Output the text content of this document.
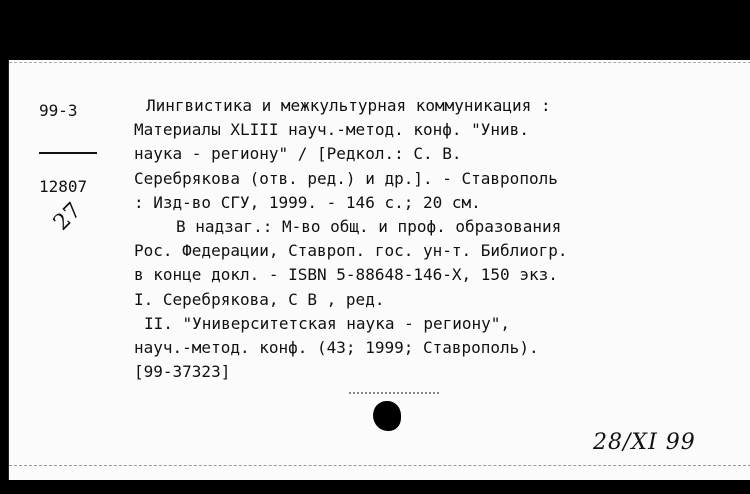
99-3
12807
27
Лингвистика и межкультурная коммуникация :
Материалы XLIII науч.-метод. конф. "Унив.
наука - региону" / [Редкол.: С. В.
Серебрякова (отв. ред.) и др.]. - Ставрополь
: Изд-во СГУ, 1999. - 146 с.; 20 см.
В надзаг.: М-во общ. и проф. образования
Рос. Федерации, Ставроп. гос. ун-т. Библиогр.
в конце докл. - ISBN 5-88648-146-X, 150 экз.
I. Серебрякова, С В , ред.
II. "Университетская наука - региону",
науч.-метод. конф. (43; 1999; Ставрополь).
[99-37323]
28/XI 99
